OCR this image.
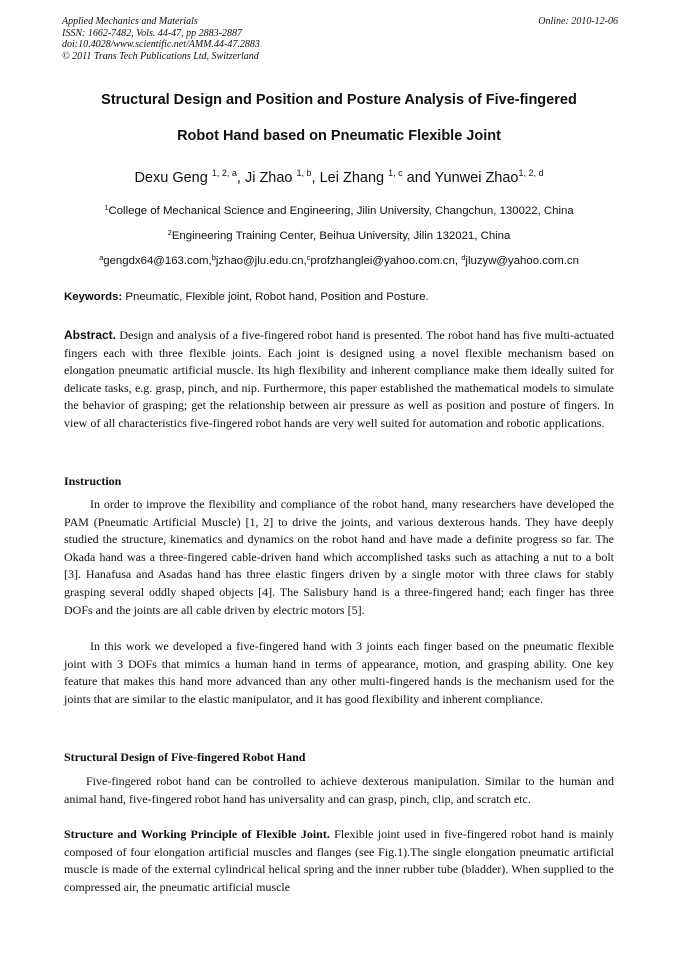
Applied Mechanics and Materials
ISSN: 1662-7482, Vols. 44-47, pp 2883-2887
doi:10.4028/www.scientific.net/AMM.44-47.2883
© 2011 Trans Tech Publications Ltd, Switzerland
Online: 2010-12-06
Structural Design and Position and Posture Analysis of Five-fingered
Robot Hand based on Pneumatic Flexible Joint
Dexu Geng $^{1, 2, a}$, Ji Zhao $^{1, b}$, Lei Zhang $^{1, c}$ and Yunwei Zhao$^{1, 2, d}$
$^1$College of Mechanical Science and Engineering, Jilin University, Changchun, 130022, China
$^2$Engineering Training Center, Beihua University, Jilin 132021, China
$^a$gengdx64@163.com,$^b$jzhao@jlu.edu.cn,$^c$profzhanglei@yahoo.com.cn, $^d$jluzyw@yahoo.com.cn
Keywords: Pneumatic, Flexible joint, Robot hand, Position and Posture.
Abstract. Design and analysis of a five-fingered robot hand is presented. The robot hand has five multi-actuated fingers each with three flexible joints. Each joint is designed using a novel flexible mechanism based on elongation pneumatic artificial muscle. Its high flexibility and inherent compliance make them ideally suited for delicate tasks, e.g. grasp, pinch, and nip. Furthermore, this paper established the mathematical models to simulate the behavior of grasping; get the relationship between air pressure as well as position and posture of fingers. In view of all characteristics five-fingered robot hands are very well suited for automation and robotic applications.
Instruction
In order to improve the flexibility and compliance of the robot hand, many researchers have developed the PAM (Pneumatic Artificial Muscle) [1, 2] to drive the joints, and various dexterous hands. They have deeply studied the structure, kinematics and dynamics on the robot hand and have made a definite progress so far. The Okada hand was a three-fingered cable-driven hand which accomplished tasks such as attaching a nut to a bolt [3]. Hanafusa and Asadas hand has three elastic fingers driven by a single motor with three claws for stably grasping several oddly shaped objects [4]. The Salisbury hand is a three-fingered hand; each finger has three DOFs and the joints are all cable driven by electric motors [5].
In this work we developed a five-fingered hand with 3 joints each finger based on the pneumatic flexible joint with 3 DOFs that mimics a human hand in terms of appearance, motion, and grasping ability. One key feature that makes this hand more advanced than any other multi-fingered hands is the mechanism used for the joints that are similar to the elastic manipulator, and it has good flexibility and inherent compliance.
Structural Design of Five-fingered Robot Hand
Five-fingered robot hand can be controlled to achieve dexterous manipulation. Similar to the human and animal hand, five-fingered robot hand has universality and can grasp, pinch, clip, and scratch etc.
Structure and Working Principle of Flexible Joint. Flexible joint used in five-fingered robot hand is mainly composed of four elongation artificial muscles and flanges (see Fig.1).The single elongation pneumatic artificial muscle is made of the external cylindrical helical spring and the inner rubber tube (bladder). When supplied to the compressed air, the pneumatic artificial muscle
